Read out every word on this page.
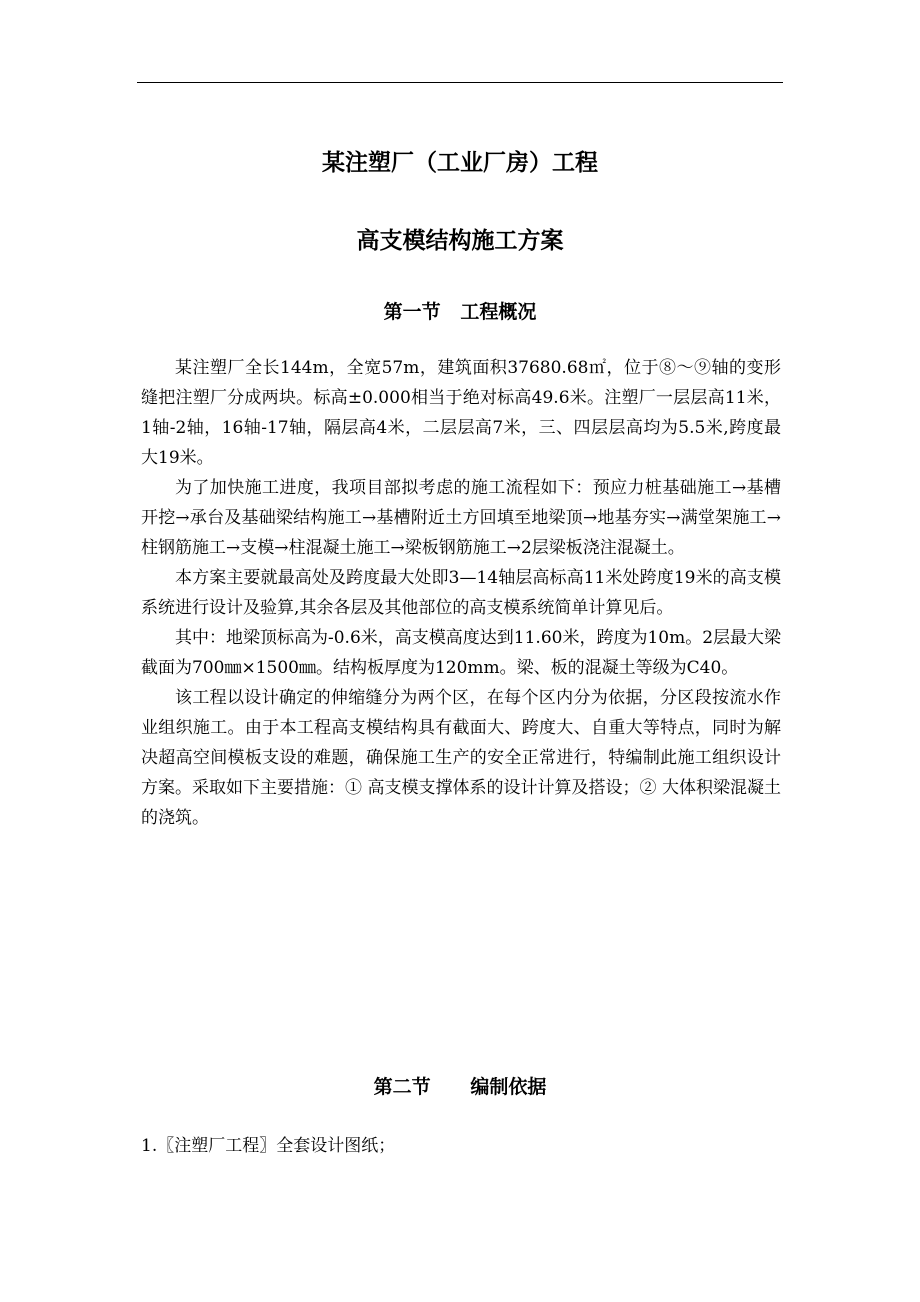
某注塑厂（工业厂房）工程
高支模结构施工方案
第一节   工程概况

某注塑厂全长144m，全宽57m，建筑面积37680.68㎡，位于⑧～⑨轴的变形缝把注塑厂分成两块。标高±0.000相当于绝对标高49.6米。注塑厂一层层高11米，1轴-2轴，16轴-17轴，隔层高4米，二层层高7米，三、四层层高均为5.5米,跨度最大19米。

为了加快施工进度，我项目部拟考虑的施工流程如下：预应力桩基础施工→基槽开挖→承台及基础梁结构施工→基槽附近土方回填至地梁顶→地基夯实→满堂架施工→柱钢筋施工→支模→柱混凝土施工→梁板钢筋施工→2层梁板浇注混凝土。

本方案主要就最高处及跨度最大处即3—14轴层高标高11米处跨度19米的高支模系统进行设计及验算,其余各层及其他部位的高支模系统简单计算见后。

其中：地梁顶标高为-0.6米，高支模高度达到11.60米，跨度为10m。2层最大梁截面为700㎜×1500㎜。结构板厚度为120mm。梁、板的混凝土等级为C40。

该工程以设计确定的伸缩缝分为两个区，在每个区内分为依据，分区段按流水作业组织施工。由于本工程高支模结构具有截面大、跨度大、自重大等特点，同时为解决超高空间模板支设的难题，确保施工生产的安全正常进行，特编制此施工组织设计方案。采取如下主要措施：① 高支模支撑体系的设计计算及搭设；② 大体积梁混凝土的浇筑。

第二节      编制依据
1.〖注塑厂工程〗全套设计图纸；
